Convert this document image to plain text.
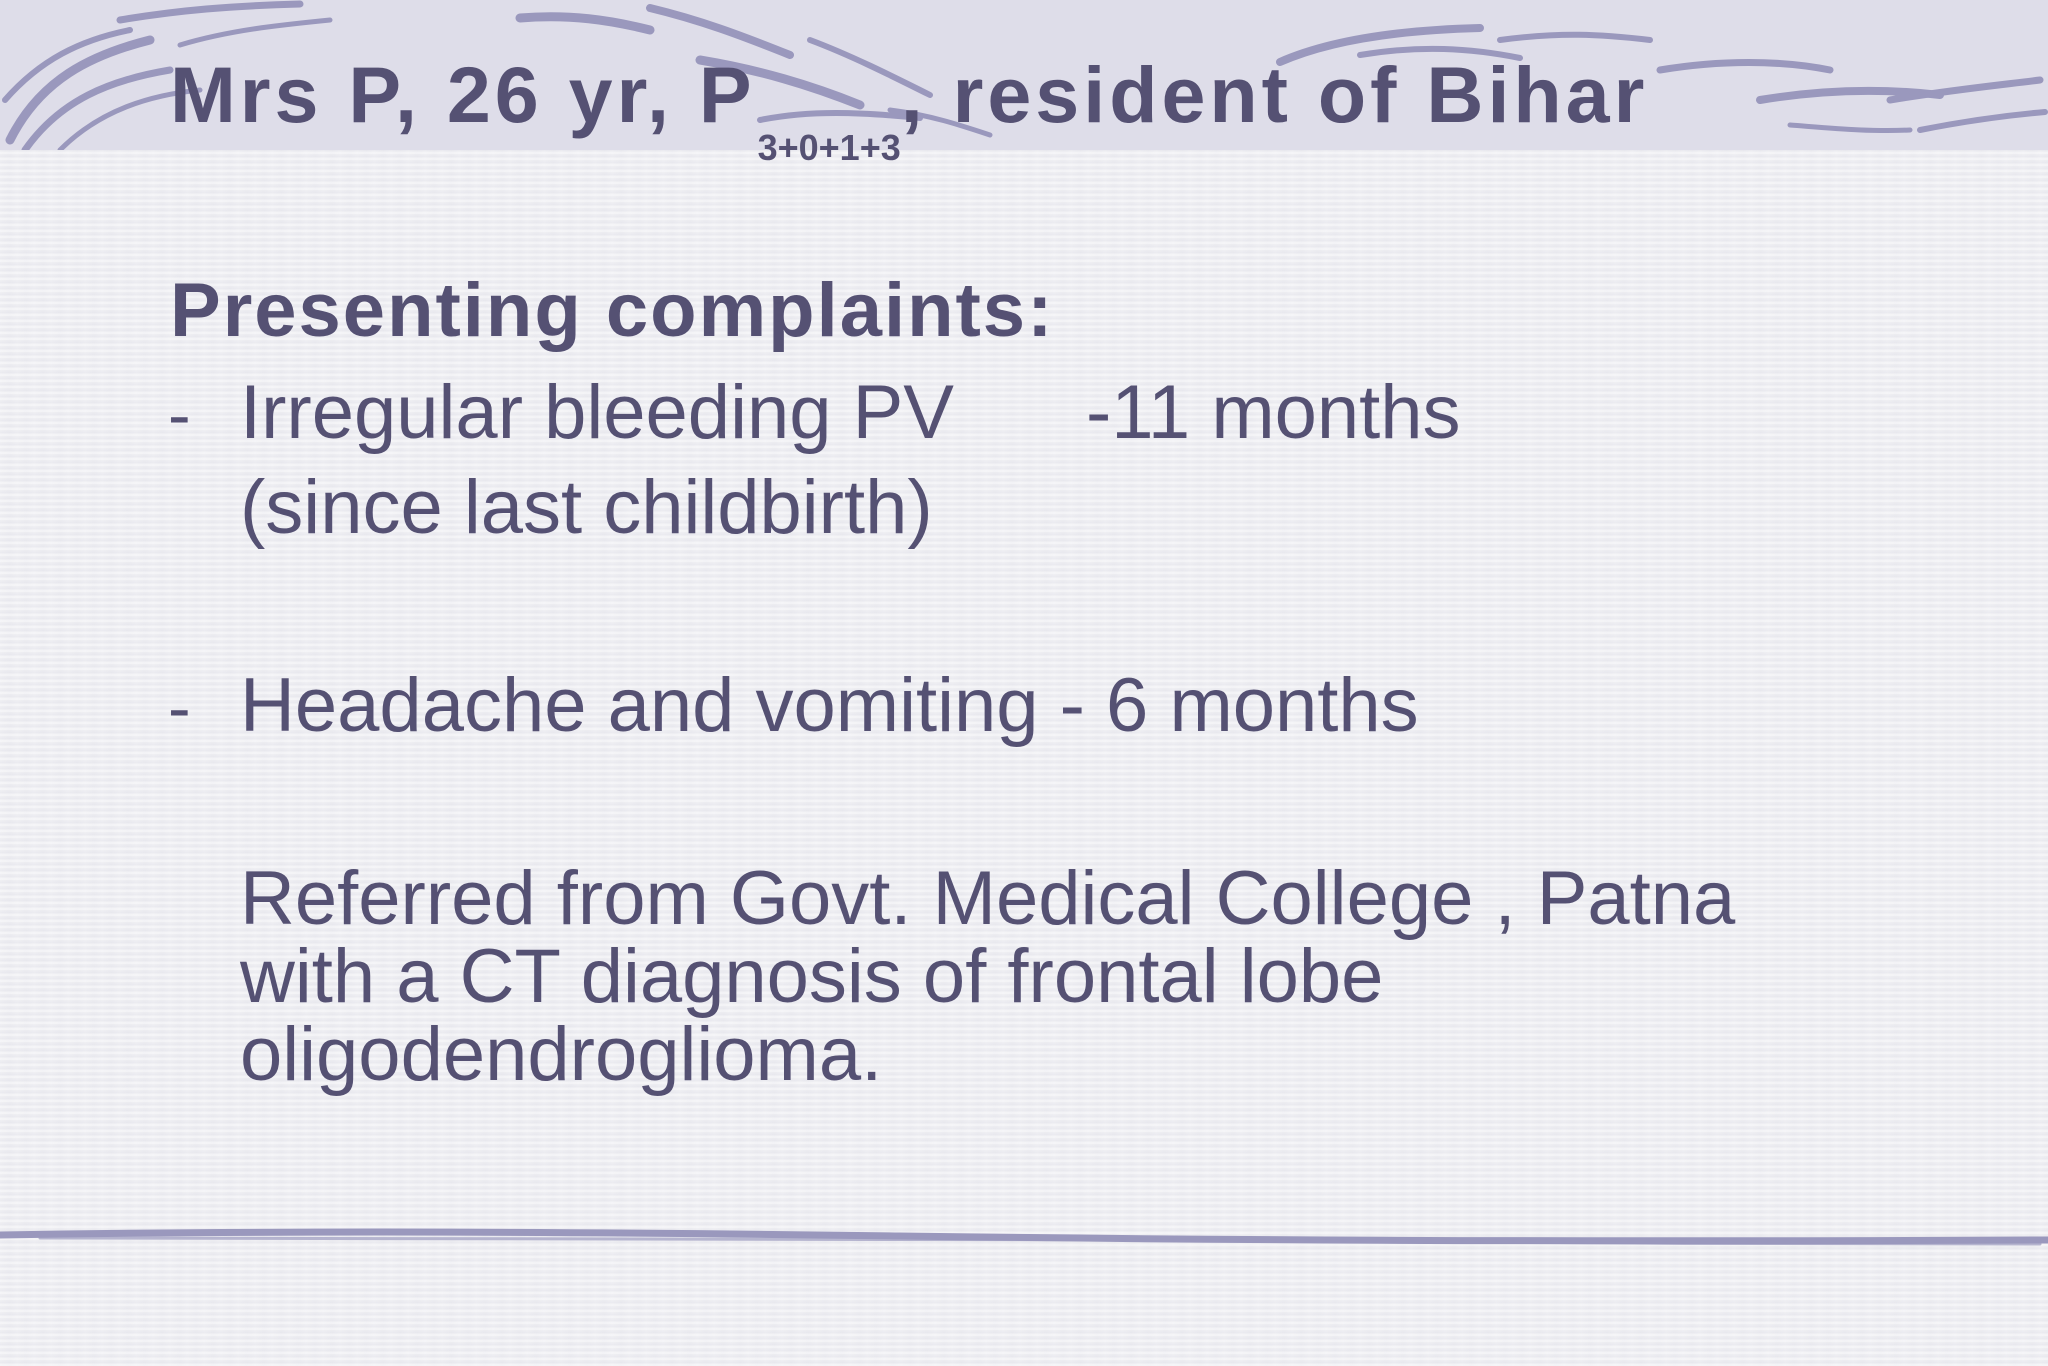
Mrs P, 26 yr, $P_{3+0+1+3}$, resident of Bihar
Presenting complaints:
- Irregular bleeding PV -11 months
(since last childbirth)
- Headache and vomiting - 6 months

Referred from Govt. Medical College , Patna
with a CT diagnosis of frontal lobe
oligodendroglioma.
